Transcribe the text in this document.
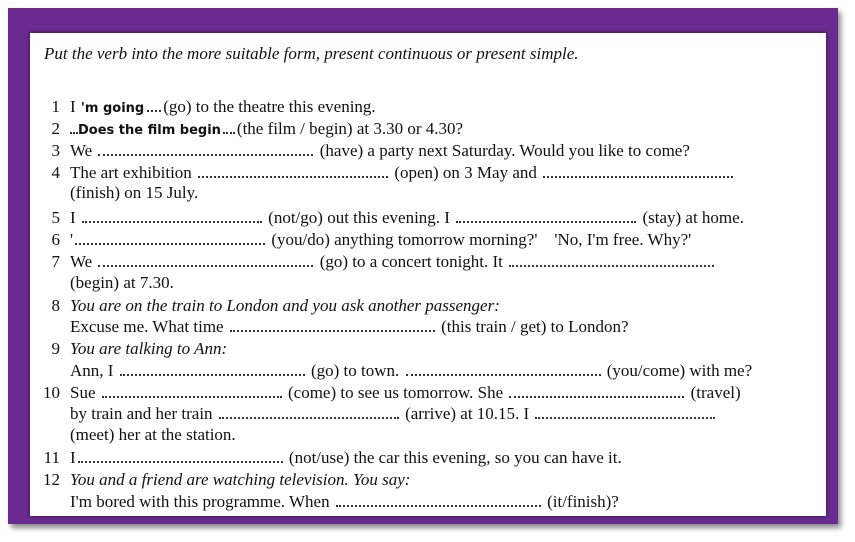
Put the verb into the more suitable form, present continuous or present simple.
1 I 'm going (go) to the theatre this evening.
2	Does the film begin (the film / begin) at 3.30 or 4.30?
3 We	(have) a party next Saturday. Would you like to come?
4 The art exhibition	(open) on 3 May and
(finish) on 15 July.
5 I	(not/go) out this evening. I	(stay) at home.
6 '	(you/do) anything tomorrow morning?' 'No, I'm free. Why?'
7 We	(go) to a concert tonight. It
(begin) at 7.30.
8 You are on the train to London and you ask another passenger:
Excuse me. What time	(this train / get) to London?
9 You are talking to Ann:
Ann, I	(go) to town.	(you/come) with me?
10 Sue	(come) to see us tomorrow. She	(travel)
by train and her train	(arrive) at 10.15. I
(meet) her at the station.
11 I	(not/use) the car this evening, so you can have it.
12 You and a friend are watching television. You say:
I'm bored with this programme. When	(it/finish)?
